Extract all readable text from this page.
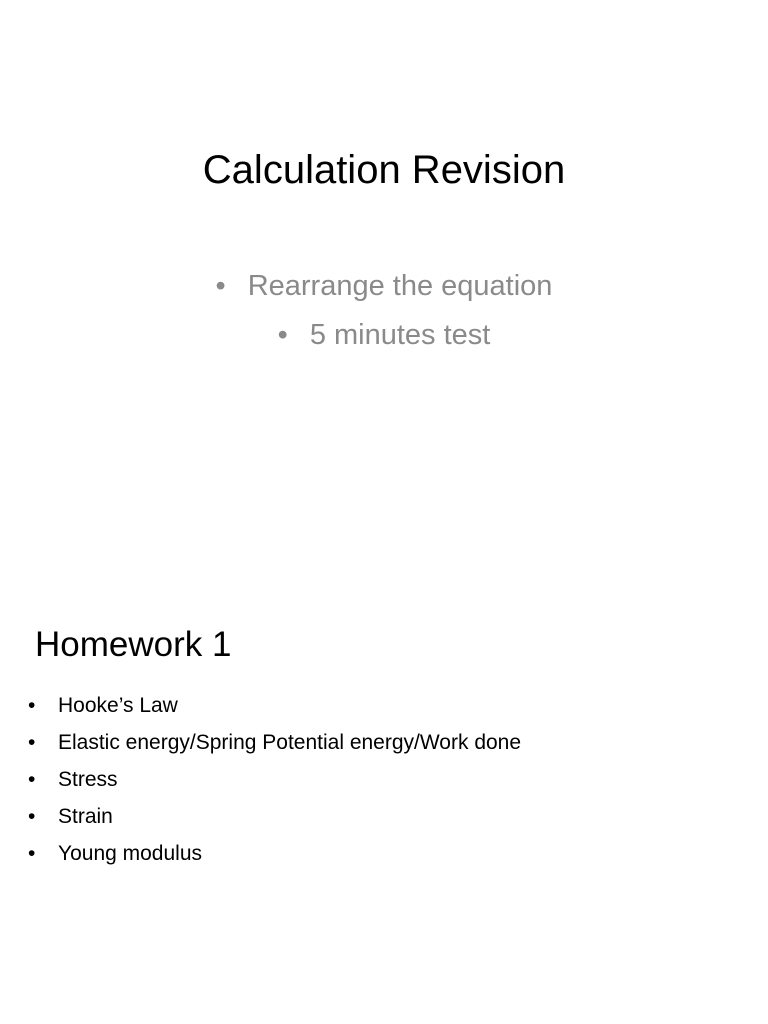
Calculation Revision
• Rearrange the equation
• 5 minutes test
Homework 1
•	Hooke’s Law
•	Elastic energy/Spring Potential energy/Work done
•	Stress
•	Strain
•	Young modulus
